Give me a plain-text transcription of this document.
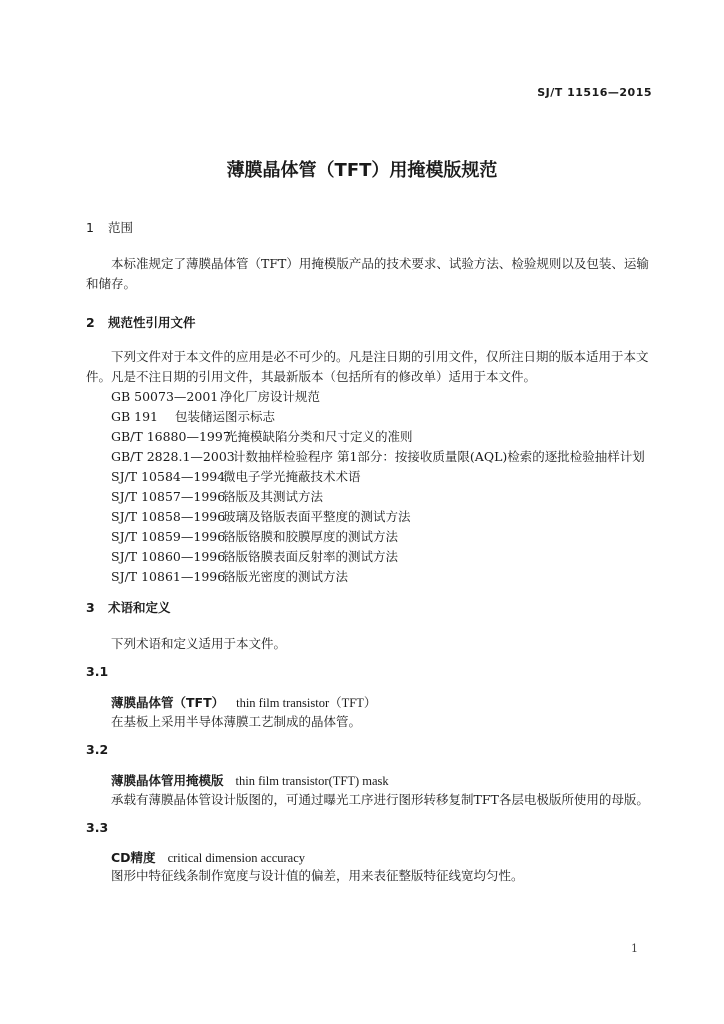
SJ/T 11516—2015
薄膜晶体管（TFT）用掩模版规范
1 范围

本标准规定了薄膜晶体管（TFT）用掩模版产品的技术要求、试验方法、检验规则以及包装、运输和储存。

2 规范性引用文件

下列文件对于本文件的应用是必不可少的。凡是注日期的引用文件，仅所注日期的版本适用于本文件。凡是不注日期的引用文件，其最新版本（包括所有的修改单）适用于本文件。

GB 50073—2001 净化厂房设计规范
GB 191 包装储运图示标志
GB/T 16880—1997光掩模缺陷分类和尺寸定义的准则
GB/T 2828.1—2003计数抽样检验程序 第1部分：按接收质量限(AQL)检索的逐批检验抽样计划
SJ/T 10584—1994微电子学光掩蔽技术术语
SJ/T 10857—1996铬版及其测试方法
SJ/T 10858—1996玻璃及铬版表面平整度的测试方法
SJ/T 10859—1996铬版铬膜和胶膜厚度的测试方法
SJ/T 10860—1996铬版铬膜表面反射率的测试方法
SJ/T 10861—1996铬版光密度的测试方法
3 术语和定义

下列术语和定义适用于本文件。

3.1
薄膜晶体管（TFT） thin film transistor（TFT）
在基板上采用半导体薄膜工艺制成的晶体管。
3.2
薄膜晶体管用掩模版 thin film transistor(TFT) mask
承载有薄膜晶体管设计版图的，可通过曝光工序进行图形转移复制TFT各层电极版所使用的母版。
3.3
CD精度 critical dimension accuracy
图形中特征线条制作宽度与设计值的偏差，用来表征整版特征线宽均匀性。
1
